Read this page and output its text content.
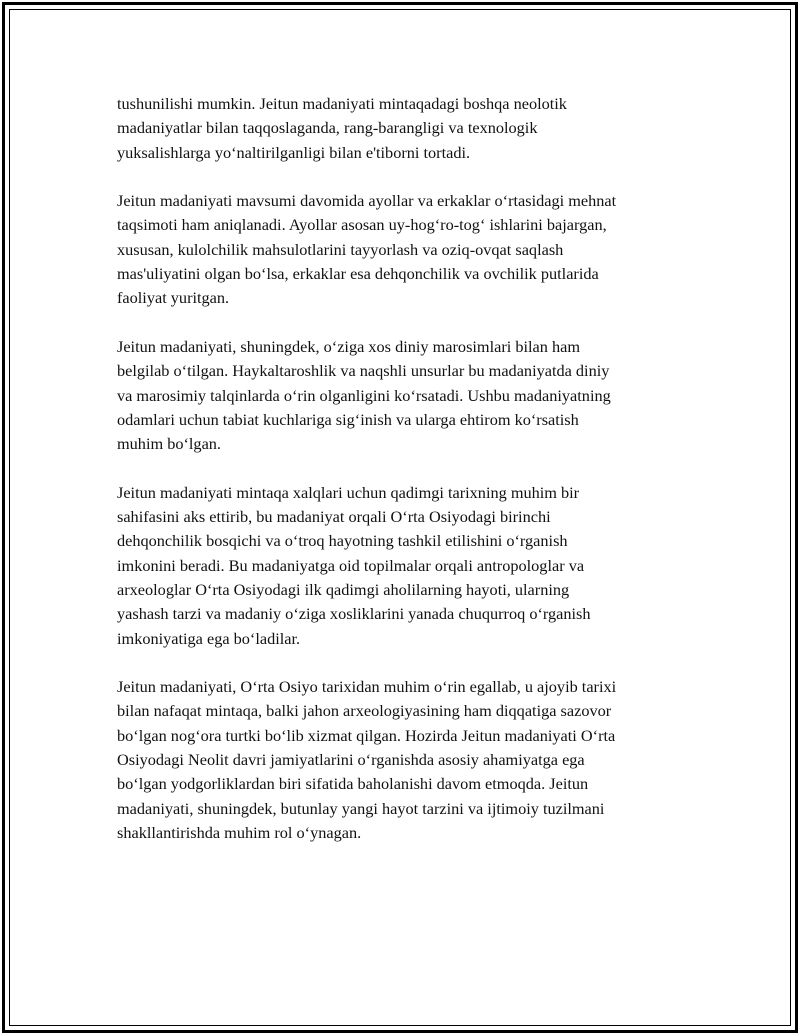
tushunilishi mumkin. Jeitun madaniyati mintaqadagi boshqa neolotik
madaniyatlar bilan taqqoslaganda, rang-barangligi va texnologik
yuksalishlarga yo‘naltirilganligi bilan e'tiborni tortadi.

Jeitun madaniyati mavsumi davomida ayollar va erkaklar o‘rtasidagi mehnat
taqsimoti ham aniqlanadi. Ayollar asosan uy-hog‘ro-tog‘ ishlarini bajargan,
xususan, kulolchilik mahsulotlarini tayyorlash va oziq-ovqat saqlash
mas'uliyatini olgan bo‘lsa, erkaklar esa dehqonchilik va ovchilik putlarida
faoliyat yuritgan.

Jeitun madaniyati, shuningdek, o‘ziga xos diniy marosimlari bilan ham
belgilab o‘tilgan. Haykaltaroshlik va naqshli unsurlar bu madaniyatda diniy
va marosimiy talqinlarda o‘rin olganligini ko‘rsatadi. Ushbu madaniyatning
odamlari uchun tabiat kuchlariga sig‘inish va ularga ehtirom ko‘rsatish
muhim bo‘lgan.

Jeitun madaniyati mintaqa xalqlari uchun qadimgi tarixning muhim bir
sahifasini aks ettirib, bu madaniyat orqali O‘rta Osiyodagi birinchi
dehqonchilik bosqichi va o‘troq hayotning tashkil etilishini o‘rganish
imkonini beradi. Bu madaniyatga oid topilmalar orqali antropologlar va
arxeologlar O‘rta Osiyodagi ilk qadimgi aholilarning hayoti, ularning
yashash tarzi va madaniy o‘ziga xosliklarini yanada chuqurroq o‘rganish
imkoniyatiga ega bo‘ladilar.

Jeitun madaniyati, O‘rta Osiyo tarixidan muhim o‘rin egallab, u ajoyib tarixi
bilan nafaqat mintaqa, balki jahon arxeologiyasining ham diqqatiga sazovor
bo‘lgan nog‘ora turtki bo‘lib xizmat qilgan. Hozirda Jeitun madaniyati O‘rta
Osiyodagi Neolit davri jamiyatlarini o‘rganishda asosiy ahamiyatga ega
bo‘lgan yodgorliklardan biri sifatida baholanishi davom etmoqda. Jeitun
madaniyati, shuningdek, butunlay yangi hayot tarzini va ijtimoiy tuzilmani
shakllantirishda muhim rol o‘ynagan.
